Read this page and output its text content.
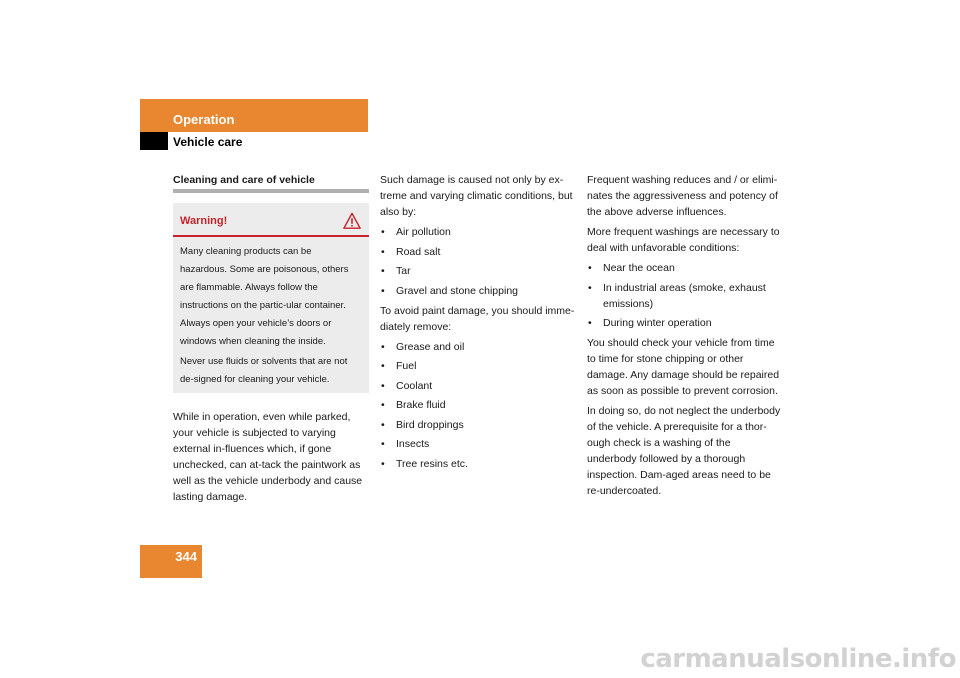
Operation
Vehicle care
Cleaning and care of vehicle
Warning!

Many cleaning products can be hazardous. Some are poisonous, others are flammable. Always follow the instructions on the partic-ular container. Always open your vehicle’s doors or windows when cleaning the inside.

Never use fluids or solvents that are not de-signed for cleaning your vehicle.

While in operation, even while parked, your vehicle is subjected to varying external in-fluences which, if gone unchecked, can at-tack the paintwork as well as the vehicle underbody and cause lasting damage.

Such damage is caused not only by ex-treme and varying climatic conditions, but also by:

• Air pollution
• Road salt
• Tar
• Gravel and stone chipping

To avoid paint damage, you should imme-diately remove:

• Grease and oil
• Fuel
• Coolant
• Brake fluid
• Bird droppings
• Insects
• Tree resins etc.

Frequent washing reduces and / or elimi-nates the aggressiveness and potency of the above adverse influences.

More frequent washings are necessary to deal with unfavorable conditions:

• Near the ocean
• In industrial areas (smoke, exhaust emissions)
• During winter operation

You should check your vehicle from time to time for stone chipping or other damage. Any damage should be repaired as soon as possible to prevent corrosion.

In doing so, do not neglect the underbody of the vehicle. A prerequisite for a thor-ough check is a washing of the underbody followed by a thorough inspection. Dam-aged areas need to be re-undercoated.

344
carmanualsonline.info
